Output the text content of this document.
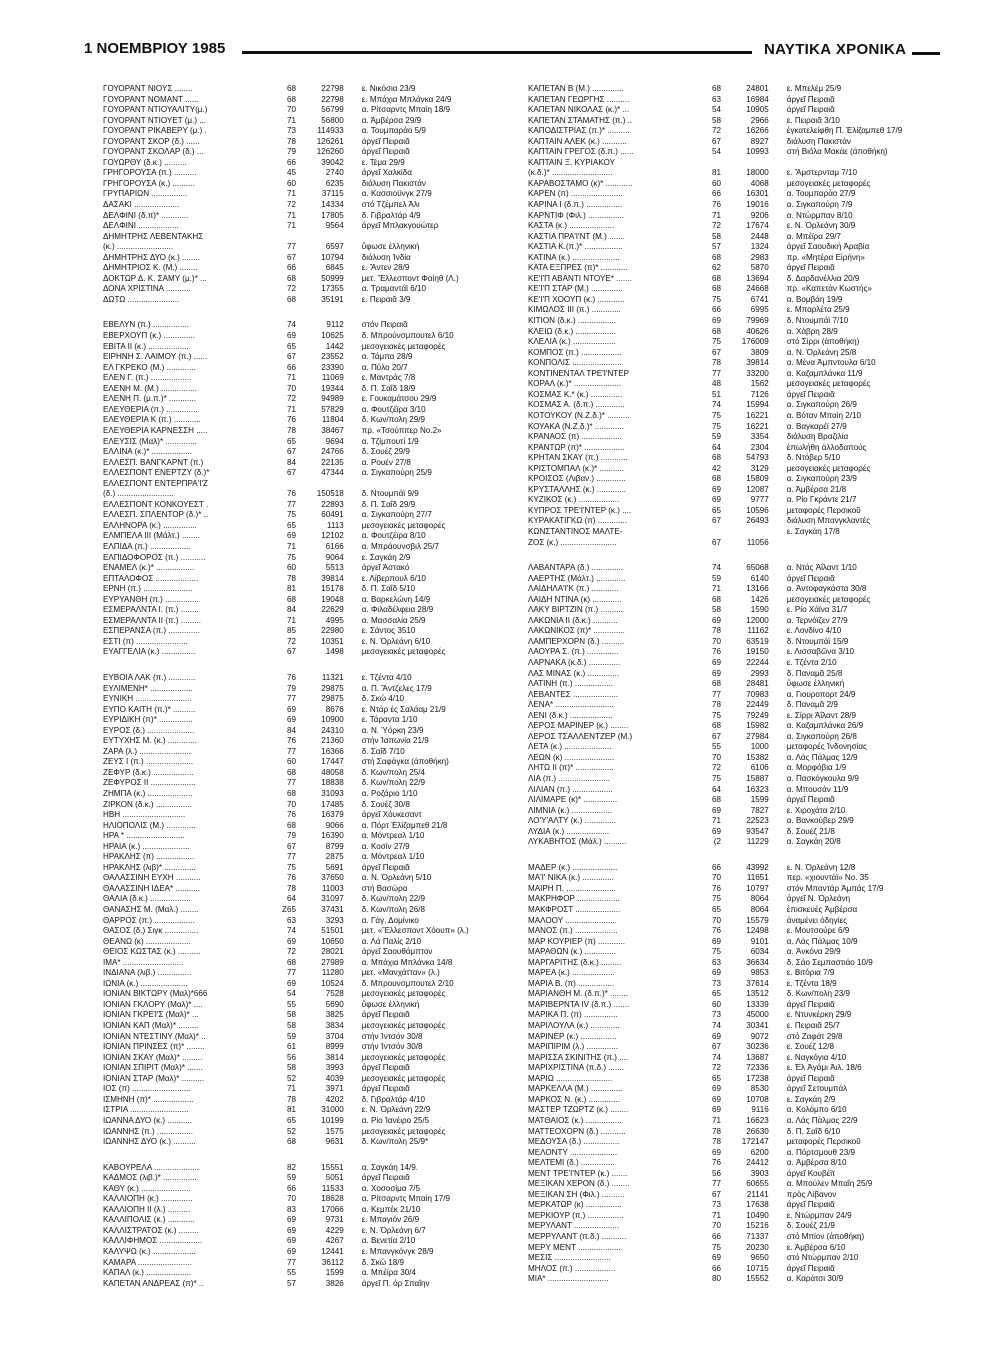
1 ΝΟΕΜΒΡΙΟΥ 1985	ΝΑΥΤΙΚΑ ΧΡΟΝΙΚΑ
ΓΟΥΟΡΑΝΤ ΝΙΟΥΣ ........	68	22798	ε. Νικόσια 23/9
ΓΟΥΟΡΑΝΤ ΝΟΜΑΝΤ ......	68	22798	ε. Μπάχια Μπλάνκα 24/9
ΓΟΥΟΡΑΝΤ ΝΤΙΟΥΑΛΙΤΥ(μ.)	70	56799	α. Ρίτσαρντς Μπαίη 18/9
ΓΟΥΟΡΑΝΤ ΝΤΙΟΥΕΤ (μ.) ...	71	56800	α. Άμβέρσα 29/9
ΓΟΥΟΡΑΝΤ ΡΙΚΑΒΕΡΥ (μ.) .	73	114933	α. Τουμπαράο 5/9
ΓΟΥΟΡΑΝΤ ΣΚΟΡ (δ.) ......	78	126261	άργεῖ Πειραιᾶ
ΓΟΥΟΡΑΝΤ ΣΚΟΛΑΡ (δ.) ...	79	126260	άργεῖ Πειραιᾶ
ΓΟΥΩΡΘΥ (δ.κ.) ..........	66	39042	ε. Τέμα 29/9
ΓΡΗΓΟΡΟΥΣΑ (π.) ..........	45	2740	άργεῖ Χαλκίδα
ΓΡΗΓΟΡΟΥΣΑ (κ.) ..........	60	6235	διάλυση Πακιστάν
ΓΡΥΠΑΡΙΩΝ ................	71	37115	α. Κασσιοϋνγκ 27/9
ΔΑΣΑΚΙ ....................	72	14334	στό Τζέμπελ Άλι
ΔΕΛΦΙΝΙ (δ.π)* ............	71	17805	δ. Γιβραλτάρ 4/9
ΔΕΛΦΙΝΙ ..................	71	9564	άργεῖ Μπλακγουώτερ
ΔΗΜΗΤΡΗΣ ΛΕΒΕΝΤΑΚΗΣ
(κ.) .........................	77	6597	ὕφωσε ἑλληνική
ΔΗΜΗΤΡΗΣ ΔΥΟ (κ.) ........	67	10794	διάλυση Ἰνδία
ΔΗΜΗΤΡΙΟΣ Κ. (Μ.) ........	66	6845	ε. Ἄντεν 28/9
ΔΟΚΤΩΡ Δ. Κ. ΣΑΜΥ (μ.)* ...	68	50999	μετ. Ἕλλεσποντ Φαίηθ (Λ.)
ΔΟΝΑ ΧΡΙΣΤΙΝΑ ...........	72	17355	α. Τραμαντάϊ 6/10
ΔΩΤΩ .......................	68	35191	ε. Πειραιᾶ 3/9
ΕΒΕΛΥΝ (π.) ................	74	9112	στόν Πειραιᾶ
ΕΒΕΡΧΟΥΠ (κ.) ..............	69	10625	δ. Μπρούνσμπουτελ 6/10
ΕΒΙΤΑ ΙΙ (κ.) ..................	65	1442	μεσογειακές μεταφορές
ΕΙΡΗΝΗ Σ. ΛΑΙΜΟΥ (π.) ......	67	23552	α. Τάμπα 28/9
ΕΛ ΓΚΡΕΚΟ (Μ.) .............	66	23390	α. Πύλο 20/7
ΕΛΕΝ Γ. (π.) ..................	71	11069	ε. Μαντράς 7/8
ΕΛΕΝΗ Μ. (Μ.) ................	70	19344	δ. Π. Σαΐδ 18/9
ΕΛΕΝΗ Π. (μ.π.)* ............	72	94989	ε. Γουκαμάτσου 29/9
ΕΛΕΥΘΕΡΙΑ (π.) ..............	71	57829	α. Φουτζέϊρα 3/10
ΕΛΕΥΘΕΡΙΑ Κ (π.) ............	76	11804	δ. Κων/πολη 29/9
ΕΛΕΥΘΕΡΙΑ ΚΑΡΝΕΣΣΗ .....	78	38467	πρ. «Τσούπιτερ Νο.2»
ΕΛΕΥΣΙΣ (Μαλ)* ..............	65	9694	α. Τζίμπουτί 1/9
ΕΛΛΙΝΑ (κ.)* ..................	67	24766	δ. Σουέζ 29/9
ΕΛΛΕΣΠ. ΒΑΝΓΚΑΡΝΤ (π.)	84	22135	α. Ρουέν 27/8
ΕΛΛΕΣΠΟΝΤ ΕΝΕΡΤΖΥ (δ.)*	67	47344	α. Σιγκαπούρη 25/9
ΕΛΛΕΣΠΟΝΤ ΕΝΤΕΡΠΡΑ'Ι'Ζ
(δ.) .........................	76	150518	δ. Ντουμπάϊ 9/9
ΕΛΛΕΣΠΟΝΤ ΚΟΝΚΟΥΕΣΤ .	77	22893	δ. Π. Σαΐδ 29/9
ΕΛΛΕΣΠ. ΣΠΛΕΝΤΟΡ (δ.)* ..	75	60491	α. Σιγκαπούρη 27/7
ΕΛΛΗΝΟΡΑ (κ.) ...............	65	1113	μεσογειακές μεταφορές
ΕΛΜΠΕΛΑ ΙΙΙ (Μάλτ.) ........	69	12102	α. Φουτζέϊρα 8/10
ΕΛΠΙΔΑ (π.) ..................	71	6166	α. Μπράουνσβιλ 25/7
ΕΛΠΙΔΟΦΟΡΟΣ (π.) ...........	75	9064	ε. Σαγκάη 2/9
ΕΝΑΜΕΛ (κ.)* .................	60	5513	άργεῖ Ἀστακό
ΕΠΤΑΛΟΦΟΣ ...................	78	39814	ε. Λίβερπουλ 6/10
ΕΡΝΗ (π.) ......................	81	15178	δ. Π. Σαΐδ 5/10
ΕΥΡΥΑΝΘΗ (π.) ...............	68	19048	α. Βαρκελώνη 14/9
ΕΣΜΕΡΑΛΝΤΑ Ι. (π.) ........	84	22629	α. Φιλαδέλφεια 28/9
ΕΣΜΕΡΑΛΝΤΑ ΙΙ (π.) .........	71	4995	α. Μασσαλία 25/9
ΕΣΠΕΡΑΝΣΑ (π.) ..............	85	22980	ε. Σάντος 3510
ΕΣΤΙ (π) .......................	72	10351	ε. Ν. Ὀρλεάνη 6/10
ΕΥΑΓΓΕΛΙΑ (κ.) ...............	67	1498	μεσογειακές μεταφορές
ΕΥΒΟΙΑ ΛΑΚ (π.) ............	76	11321	ε. Τζέντα 4/10
ΕΥΛΙΜΕΝΗ* ...................	79	29875	α. Π. Ἄντζελες 17/9
ΕΥΝΙΚΗ .........................	77	29875	δ. Σκώ 4/10
ΕΥΠΟ ΚΑΙΤΗ (π.)* ..........	69	8676	ε. Ντάρ ἐς Σαλάαμ 21/9
ΕΥΡΙΔΙΚΗ (π)* ...............	69	10900	ε. Τάραντα 1/10
ΕΥΡΟΣ (δ.) .....................	84	24310	α. Ν. Ὑόρκη 23/9
ΕΥΤΥΧΗΣ Μ. (κ.) .............	76	21360	στήν Ἰαπωνία 21/9
ΖΑΡΑ (λ.) .......................	77	16366	δ. Σαΐδ 7/10
ΖΕΥΣ Ι (π.) .....................	60	17447	στή Σαφάγκα (ἀποθήκη)
ΖΕΦΥΡ (δ.κ.) ..................	68	48058	δ. Κων/πολη 25/4
ΖΕΦΥΡΟΣ ΙΙ ....................	77	18838	δ. Κων/πολη 22/9
ΖΗΜΠΑ (κ.) ....................	68	31093	α. Ροζάριο 1/10
ΖΙΡΚΟΝ (δ.κ.) ................	70	17485	δ. Σουέζ 30/8
ΗΒΗ ............................	76	16379	άργεῖ Χόυκεσαντ
ΗΛΙΟΠΟΛΙΣ (Μ.) .............	68	9066	α. Πόρτ Ἐλίζαμπεθ 21/8
ΗΡΑ * ..........................	79	16390	α. Μόντρεαλ 1/10
ΗΡΑΙΑ (κ.) .....................	67	8799	α. Κοσίν 27/9
ΗΡΑΚΛΗΣ (π) .................	77	2875	α. Μόντρεαλ 1/10
ΗΡΑΚΛΗΣ (λιβ)* ..............	75	5691	άργεῖ Πειραιᾶ
ΘΑΛΑΣΣΙΝΗ ΕΥΧΗ ...........	76	37650	α. Ν. Ὀρλεάνη 5/10
ΘΑΛΑΣΣΙΝΗ ΙΔΕΑ* ...........	78	11003	στή Βασώρα
ΘΑΛΙΑ (δ.κ.) ..................	64	31097	δ. Κων/πολη 22/9
ΘΑΝΑΣΗΣ Μ. (Μαλ.) ........	Ζ65	37431	δ. Κων/πολη 26/8
ΘΑΡΡΟΣ (π.) ..................	63	3293	α. Γάγ. Δομίνικο
ΘΑΣΟΣ (δ.) Σιγκ ...............	74	51501	μετ. «Ἕλλεσποντ Χόουπ» (λ.)
ΘΕΑΝΩ (κ) ....................	69	10650	α. Λά Παλίς 2/10
ΘΕΙΟΣ ΚΩΣΤΑΣ (κ.) ..........	72	28021	άργεῖ Σαουθάμπτον
ΙΜΑ* ...........................	68	27989	α. Μπάχια Μπλάνκα 14/8
ΙΝΔΙΑΝΑ (λιβ.) ...............	77	11280	μετ. «Μανχάτταν» (λ.)
ΙΩΝΙΑ (κ.) .....................	69	10524	δ. Μπρουνσμπουτελ 2/10
ΙΟΝΙΑΝ ΒΙΚΤΩΡΥ (Μαλ)*666	54	7528	μεσογειακές μεταφορές
ΙΟΝΙΑΝ ΓΚΛΟΡΥ (Μαλ)* ....	55	5690	ὕφωσε ἑλληνική
ΙΟΝΙΑΝ ΓΚΡΕΊ'Σ (Μαλ)* ...	58	3825	άργεῖ Πειραιᾶ
ΙΟΝΙΑΝ ΚΑΠ (Μαλ)* .........	58	3834	μεσογειακές μεταφορές
ΙΟΝΙΑΝ ΝΤΕΣΤΙΝΥ (Μαλ)* ..	59	3704	στήν Ἰντσόν 30/8
ΙΟΝΙΑΝ ΠΡΙΝΣΕΣ (π)* ........	61	8999	στήν Ἰντσόν 30/8
ΙΟΝΙΑΝ ΣΚΑΥ (Μαλ)* .........	56	3814	μεσογειακές μεταφορές
ΙΟΝΙΑΝ ΣΠΙΡΙΤ (Μαλ)* .......	58	3993	άργεῖ Πειραιᾶ
ΙΟΝΙΑΝ ΣΤΑΡ (Μαλ)* ..........	52	4039	μεσογειακές μεταφορές
ΙΟΣ (π) ..........................	71	3971	άργεῖ Πειραιᾶ
ΙΣΜΗΝΗ (π)* ..................	78	4202	δ. Γιβραλτάρ 4/10
ΙΣΤΡΙΑ ..........................	81	31000	ε. Ν. Ὀρλεάνη 22/9
ΙΩΑΝΝΑ ΔΥΟ (κ.) ...........	65	10199	α. Ρίο Ἰανέιρο 25/5
ΙΩΑΝΝΗΣ (π.) ................	52	1575	μεσογειακές μεταφορές
ΙΩΑΝΝΗΣ ΔΥΟ (κ.) ..........	68	9631	δ. Κων/πολη 25/9*
ΚΑΒΟΥΡΕΛΑ ....................	82	15551	α. Σαγκάη 14/9.
ΚΑΔΜΟΣ (λιβ.)* ...............	59	5051	άργεῖ Πειραιᾶ
ΚΑΘΥ (κ.) ......................	66	11533	α. Χοσοσίμα 7/5
ΚΑΛΛΙΟΠΗ (κ.) ..............	70	18628	α. Ρίτσαρντς Μπαίη 17/9
ΚΑΛΛΙΟΠΗ ΙΙ (λ.) ..........	83	17066	α. Κεμπέκ 21/10
ΚΑΛΛΙΠΟΛΙΣ (κ.) ............	69	9731	ε. Μπαγιόν 26/9
ΚΑΛΛΙΣΤΡΑΤΟΣ (κ.) .........	69	4229	ε. Ν. Ὀρλεάνη 6/7
ΚΑΛΛΙΦΗΜΟΣ ...................	69	4267	α. Βενετία 2/10
ΚΑΛΥΨΩ (κ.) ...................	69	12441	ε. Μπανγκόνγκ 28/9
ΚΑΜΑΡΑ ........................	77	36112	δ. Σκώ 18/9
ΚΑΠΑΛ (κ.) ....................	55	1599	α. Μπέϊρα 30/4
ΚΑΠΕΤΑΝ ΑΝΔΡΕΑΣ (π)* ..	57	3826	άργεῖ Π. ὁρ Σπαΐην
ΚΑΠΕΤΑΝ Β (Μ.) ..............	68	24801	ε. Μπελέμ 25/9
ΚΑΠΕΤΑΝ ΓΕΩΡΓΗΣ ..........	63	16984	άργεῖ Πειραιᾶ
ΚΑΠΕΤΑΝ ΝΙΚΟΛΑΣ (κ.)* ...	54	10905	άργεῖ Πειραιᾶ
ΚΑΠΕΤΑΝ ΣΤΑΜΑΤΗΣ (π.) ..	58	2966	ε. Πειραιᾶ 3/10
ΚΑΠΟΔΙΣΤΡΙΑΣ (π.)* ..........	72	16266	ἐγκατελείφθη Π. Ἐλίζαμπεθ 17/9
ΚΑΠΤΑΙΝ ΑΛΕΚ (κ.) ...........	67	8927	διάλυση Πακιστάν
ΚΑΠΤΑΙΝ ΓΡΕΓΟΣ (δ.π.) ......	54	10993	στή Βιόλα Μακάε (ἀποθήκη)
ΚΑΠΤΑΙΝ Ξ. ΚΥΡΙΑΚΟΥ
(κ.δ.)* ...........................	81	18000	ε. Ἄμστερνταμ 7/10
ΚΑΡΑΒΟΣΤΑΜΟ (κ)* ............	60	4068	μεσογειακές μεταφορές
ΚΑΡΕΝ (π) .......................	66	16301	α. Τουμπαράο 27/9
ΚΑΡΙΝΑ Ι (δ.π.) ................	76	19016	α. Σιγκαπούρη 7/9
ΚΑΡΝΤΙΦ (Φιλ.) ................	71	9206	α. Ντώρμπαν 8/10
ΚΑΣΤΑ (κ.) ....................	72	17674	ε. Ν. Ὀρλεάνη 30/9
ΚΑΣΤΙΑ ΠΡΑ'Ι'ΝΤ (Μ.) .......	58	2448	α. Μπέϊρα 29/7
ΚΑΣΤΙΑ Κ.(π.)* .................	57	1324	άργεῖ Σαουδική Ἀραβία
ΚΑΤΙΝΑ (κ.) .....................	68	2983	πρ. «Μητέρα Εἰρήνη»
ΚΑΤΑ ΕΞΠΡΕΣ (π)* ............	62	5870	άργεῖ Πειραιᾶ
ΚΕ'Ι'Π ΑΒΑΝΤΙ ΝΤΟΥΕ* .......	68	13694	δ. Δαρδανέλλια 20/9
ΚΕ'Ι'Π ΣΤΑΡ (Μ.) ..............	68	24668	πρ. «Καπετάν Κωστής»
ΚΕ'Ι'Π ΧΟΟΥΠ (κ.) ............	75	6741	α. Βομβάη 19/9
ΚΙΜΩΛΟΣ ΙΙΙ (π.) .............	66	6995	ε. Μπαρλέτα 25/9
ΚΙΤΙΟΝ (δ.κ.) .................	69	79969	δ. Ντουμπάϊ 7/10
ΚΛΕΙΩ (δ.κ.) ..................	68	40626	α. Χάβρη 28/9
ΚΛΕΛΙΑ (κ.) ...................	75	176009	στό Σίρρι (ἀποθήκη)
ΚΟΜΠΟΣ (π.) ..................	67	3809	α. Ν. Ὀρλεάνη 25/8
ΚΟΝΠΟΛΙΣ ......................	78	39814	α. Μένα Ἀμπντουλα 6/10
ΚΟΝΤΙΝΕΝΤΑΛ ΤΡΕ'Ι'ΝΤΕΡ	77	33200	α. Καζαμπλάνκα 11/9
ΚΟΡΑΛ (κ.)* .....................	48	1562	μεσογειακές μεταφορές
ΚΟΣΜΑΣ Κ.* (κ.) ..............	51	7126	άργεῖ Πειραιᾶ
ΚΟΣΜΑΣ Α. (δ.π.) .............	74	15994	α. Σιγκαπούρη 26/9
ΚΟΤΟΥΚΟΥ (Ν.Ζ.δ.)* ..........	75	16221	α. Βόταν Μπαίη 2/10
ΚΟΥΑΚΑ (Ν.Ζ.δ.)* .............	75	16221	α. Βαγκαρέϊ 27/9
ΚΡΑΝΑΟΣ (π) ..................	59	3354	διάλυση Βραζιλία
ΚΡΑΝΤΩΡ (π)* ..................	64	2304	ἐπωλήθη ἀλλοδαπούς
ΚΡΗΤΑΝ ΣΚΑΥ (π.) ............	68	54793	δ. Ντόβερ 5/10
ΚΡΙΣΤΟΜΠΑΛ (κ.)* ...........	42	3129	μεσογειακές μεταφορές
ΚΡΟΙΣΟΣ (Λιβαν.) .............	68	15809	α. Σιγκαπούρη 23/9
ΚΡΥΣΤΑΛΛΗΣ (κ.) .............	69	12087	α. Άμβέρσα 21/8
ΚΥΖΙΚΟΣ (κ.) ..................	69	9777	α. Ρίο Γκράντε 21/7
ΚΥΠΡΟΣ ΤΡΕ'Ι'ΝΤΕΡ (κ.) ....	65	10596	μεταφορές Περσικοῦ
ΚΥΡΑΚΑΤΙΓΚΩ (π) .............	67	26493	διάλυση Μπανγκλαντές
ΚΩΝΣΤΑΝΤΙΝΟΣ ΜΑΛΤΕ-	ε. Σαγκάη 17/8
ΖΟΣ (κ.) .........................	67	11056
ΛΑΒΑΝΤΑΡΑ (δ.) ..............	74	65068	α. Ντάς Ἀΐλαντ 1/10
ΛΑΕΡΤΗΣ (Μάλτ.) .............	59	6140	άργεῖ Πειραιᾶ
ΛΑΙΔΗΛΑ'Ι'Κ (π.) ............	71	13166	α. Ἀντοφαγκάστα 30/8
ΛΑΙΔΗ ΝΤΙΝΑ (κ) .............	68	1426	μεσογειακές μεταφορές
ΛΑΚΥ ΒΙΡΤΖΙΝ (π.) ..........	58	1590	ε. Ρίο Χάϊνα 31/7
ΛΑΚΩΝΙΑ ΙΙ (δ.κ.) ...........	69	12000	α. Τερνόϊζεν 27/9
ΛΑΚΩΝΙΚΟΣ (π)* ..............	78	11162	ε. Λονδίνο 4/10
ΛΑΜΠΕΡΧΟΡΝ (δ.) ..........	70	63519	δ. Ντουμπάϊ 15/9
ΛΑΟΥΡΑ Σ. (π.) ..............	76	19150	ε. Λισσαβῶνα 3/10
ΛΑΡΝΑΚΑ (κ.δ.) ..............	69	22244	ε. Τζέντα 2/10
ΛΑΣ ΜΙΝΑΣ (κ.) ..............	69	2993	δ. Παναμᾶ 25/8
ΛΑΤΙΝΗ (π.) .................	68	28481	ὕφωσε ἑλληνική
ΛΕΒΑΝΤΕΣ ....................	77	70983	α. Γιουροπορτ 24/9
ΛΕΝΑ* ..........................	78	22449	δ. Παναμᾶ 2/9
ΛΕΝΙ (δ.κ.) ...................	75	79249	ε. Σίρρι Ἀΐλαντ 28/9
ΛΕΡΟΣ ΜΑΡΙΝΕΡ (κ.) ........	68	15982	α. Καζαμπλάνκα 26/9
ΛΕΡΟΣ ΤΣΑΛΛΕΝΤΖΕΡ (Μ.)	67	27984	α. Σιγκαπούρη 26/8
ΛΕΤΑ (κ.) .....................	55	1000	μεταφορές Ἰνδονησίας
ΛΕΩΝ (κ) ......................	70	15382	α. Λάς Πάλμας 12/9
ΛΗΤΩ ΙΙ (π)* .................	72	6106	α. Μορφόβια 1/9
ΛΙΑ (π.) .......................	75	15887	α. Πασκόγκουλα 9/9
ΛΙΛΙΑΝ (π.) ..................	64	16323	α. Μπουσάν 11/9
ΛΙΛΙΜΑΡΕ (κ)* ...............	68	1599	άργεῖ Πειραιᾶ
ΛΙΜΝΙΑ (κ.) ..................	69	7827	ε. Χιροχάτα 2/10
ΛΟ'Υ'ΑΛΤΥ (κ.) ..............	71	22523	α. Βανκούβερ 29/9
ΛΥΔΙΑ (κ.) ...................	69	93547	δ. Σουέζ 21/8
ΛΥΚΑΒΗΤΟΣ (Μάλ.) ..........	(2	11229	α. Σαγκάη 20/8
ΜΑΔΕΡ (κ.) ....................	66	43992	ε. Ν. Ὀρλεάνη 12/8
ΜΑ'Ι' ΝΙΚΑ (κ.) ..............	70	11651	περ. «χιουντάϊ» Νο. 35
ΜΑΙΡΗ Π. ......................	76	10797	στόν Μπαντάρ Ἀμπάς 17/9
ΜΑΚΡΗΦΟΡ ...................	75	8064	άργεῖ Ν. Ὀρλεάνη
ΜΑΚΦΡΟΣΤ ....................	65	8064	ἐπισκευές Ἀμβέρσα
ΜΑΛΟΟΥ .......................	70	15579	ἀναμένει ὁδηγίες
ΜΑΝΟΣ (π.) ...................	76	12498	ε. Μουτσούρε 6/9
ΜΑΡ ΚΟΥΡΙΕΡ (π) ............	69	9101	α. Λάς Πάλμας 10/9
ΜΑΡΑΘΩΝ (κ.) ..............	75	6034	α. Ἀνκόνα 29/9
ΜΑΡΓΑΡΙΤΗΣ (δ.κ.) .........	63	36634	δ. Σάο Σεμπαστιάο 10/9
ΜΑΡΕΑ (κ.) ...................	69	9853	ε. Βιτόρια 7/9
ΜΑΡΙΑ Β. (π) ................	73	37614	ε. Τζέντα 18/9
ΜΑΡΙΑΝΘΗ Μ. (δ.π.)* ........	65	13512	δ. Κων/πολη 23/9
ΜΑΡΙΒΕΡΝΤΑ ΙV (δ.π.) .......	60	13339	άργεῖ Πειραιᾶ
ΜΑΡΙΚΑ Π. (π) ...............	73	45000	ε. Ντυνκέρκη 29/9
ΜΑΡΙΛΟΥΛΑ (κ.) .............	74	30341	ε. Πειραιᾶ 25/7
ΜΑΡΙΝΕΡ (κ.) ................	69	9072	στό Ζαφάτ 29/8
ΜΑΡΙΠΙΡΙΜ (λ.) ..............	67	30236	ε. Σουέζ 12/8
ΜΑΡΙΣΣΑ ΣΚΙΝΙΤΗΣ (π.) ....	74	13687	ε. Ναγκόγια 4/10
ΜΑΡΙΧΡΙΣΤΙΝΑ (π.δ.) .......	72	72336	ε. Ἐλ Ἀγάμι Ἀιλ. 18/6
ΜΑΡΙΩ .........................	65	17238	άργεῖ Πειραιᾶ
ΜΑΡΚΕΛΛΑ (Μ.) ..............	69	8530	άργεῖ Σετουμπάλ
ΜΑΡΚΟΣ Ν. (κ.) ..............	69	10708	ε. Σαγκάη 2/9
ΜΑΣΤΕΡ ΤΖΩΡΤΖ (κ.) ........	69	9116	α. Κολόμπο 6/10
ΜΑΤΘΑΙΟΣ (κ.) ................	71	16623	α. Λάς Πάλμας 22/9
ΜΑΤΤΕΟΧΟΡΝ (δ.) ...........	78	26630	δ. Π. Σαΐδ 6/10
ΜΕΔΟΥΣΑ (δ.) ................	78	172147	μεταφορές Περσικοῦ
ΜΕΛΟΝΤΥ .....................	69	6200	α. Πόρτσμουθ 23/9
ΜΕΛΤΕΜΙ (δ.) ...............	76	24412	α. Ἀμβέρσα 8/10
ΜΕΝΤ ΤΡΕ'Ι'ΝΤΕΡ (κ.) .......	56	3903	άργεῖ Κουβέϊτ
ΜΕΞΙΚΑΝ ΧΕΡΟΝ (δ.) ........	77	60655	α. Μπούλεν Μπαΐη 25/9
ΜΕΞΙΚΑΝ ΣΗ (Φιλ.) ..........	67	21141	πρὸς Λίβανον
ΜΕΡΚΑΤΩΡ (κ) ................	73	17638	άργεῖ Πειραιᾶ
ΜΕΡΚΙΟΥΡ (π.) ................	71	10490	ε. Ντώρμπαν 24/9
ΜΕΡΥΛΑΝΤ ....................	70	15216	δ. Σουέζ 21/9
ΜΕΡΡΥΛΑΝΤ (π.δ.) ...........	66	71337	στό Μπίον (ἀποθήκη)
ΜΕΡΥ ΜΕΝΤ ...................	75	20230	ε. Ἀμβέρσα 6/10
ΜΕΣΙΣ .........................	69	9650	στό Ντώρμπαν 2/10
ΜΗΛΟΣ (π.) ..................	66	10715	άργεῖ Πειραιᾶ
ΜΙΑ* ...........................	80	15552	α. Καράτσι 30/9
